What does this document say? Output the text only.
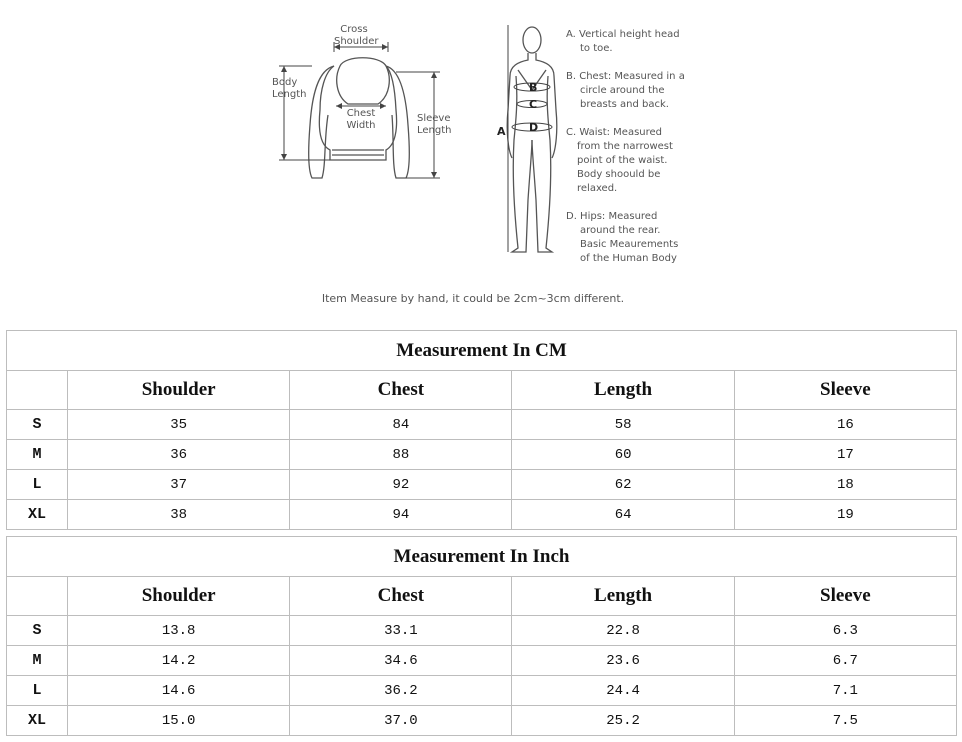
Cross
Shoulder
Body
Length
Chest
Width
Sleeve
Length	A
B
C
D
A. Vertical height head
to toe.
B. Chest: Measured in a
circle around the
breasts and back.
C. Waist: Measured
from the narrowest
point of the waist.
Body shoould be
relaxed.
D. Hips: Measured
around the rear.
Basic Meaurements
of the Human Body
Item Measure by hand, it could be 2cm~3cm different.
Measurement In CM				
	Shoulder	Chest	Length	Sleeve
S	35	84	58	16
M	36	88	60	17
L	37	92	62	18
XL	38	94	64	19
Measurement In Inch				
	Shoulder	Chest	Length	Sleeve
S	13.8	33.1	22.8	6.3
M	14.2	34.6	23.6	6.7
L	14.6	36.2	24.4	7.1
XL	15.0	37.0	25.2	7.5
